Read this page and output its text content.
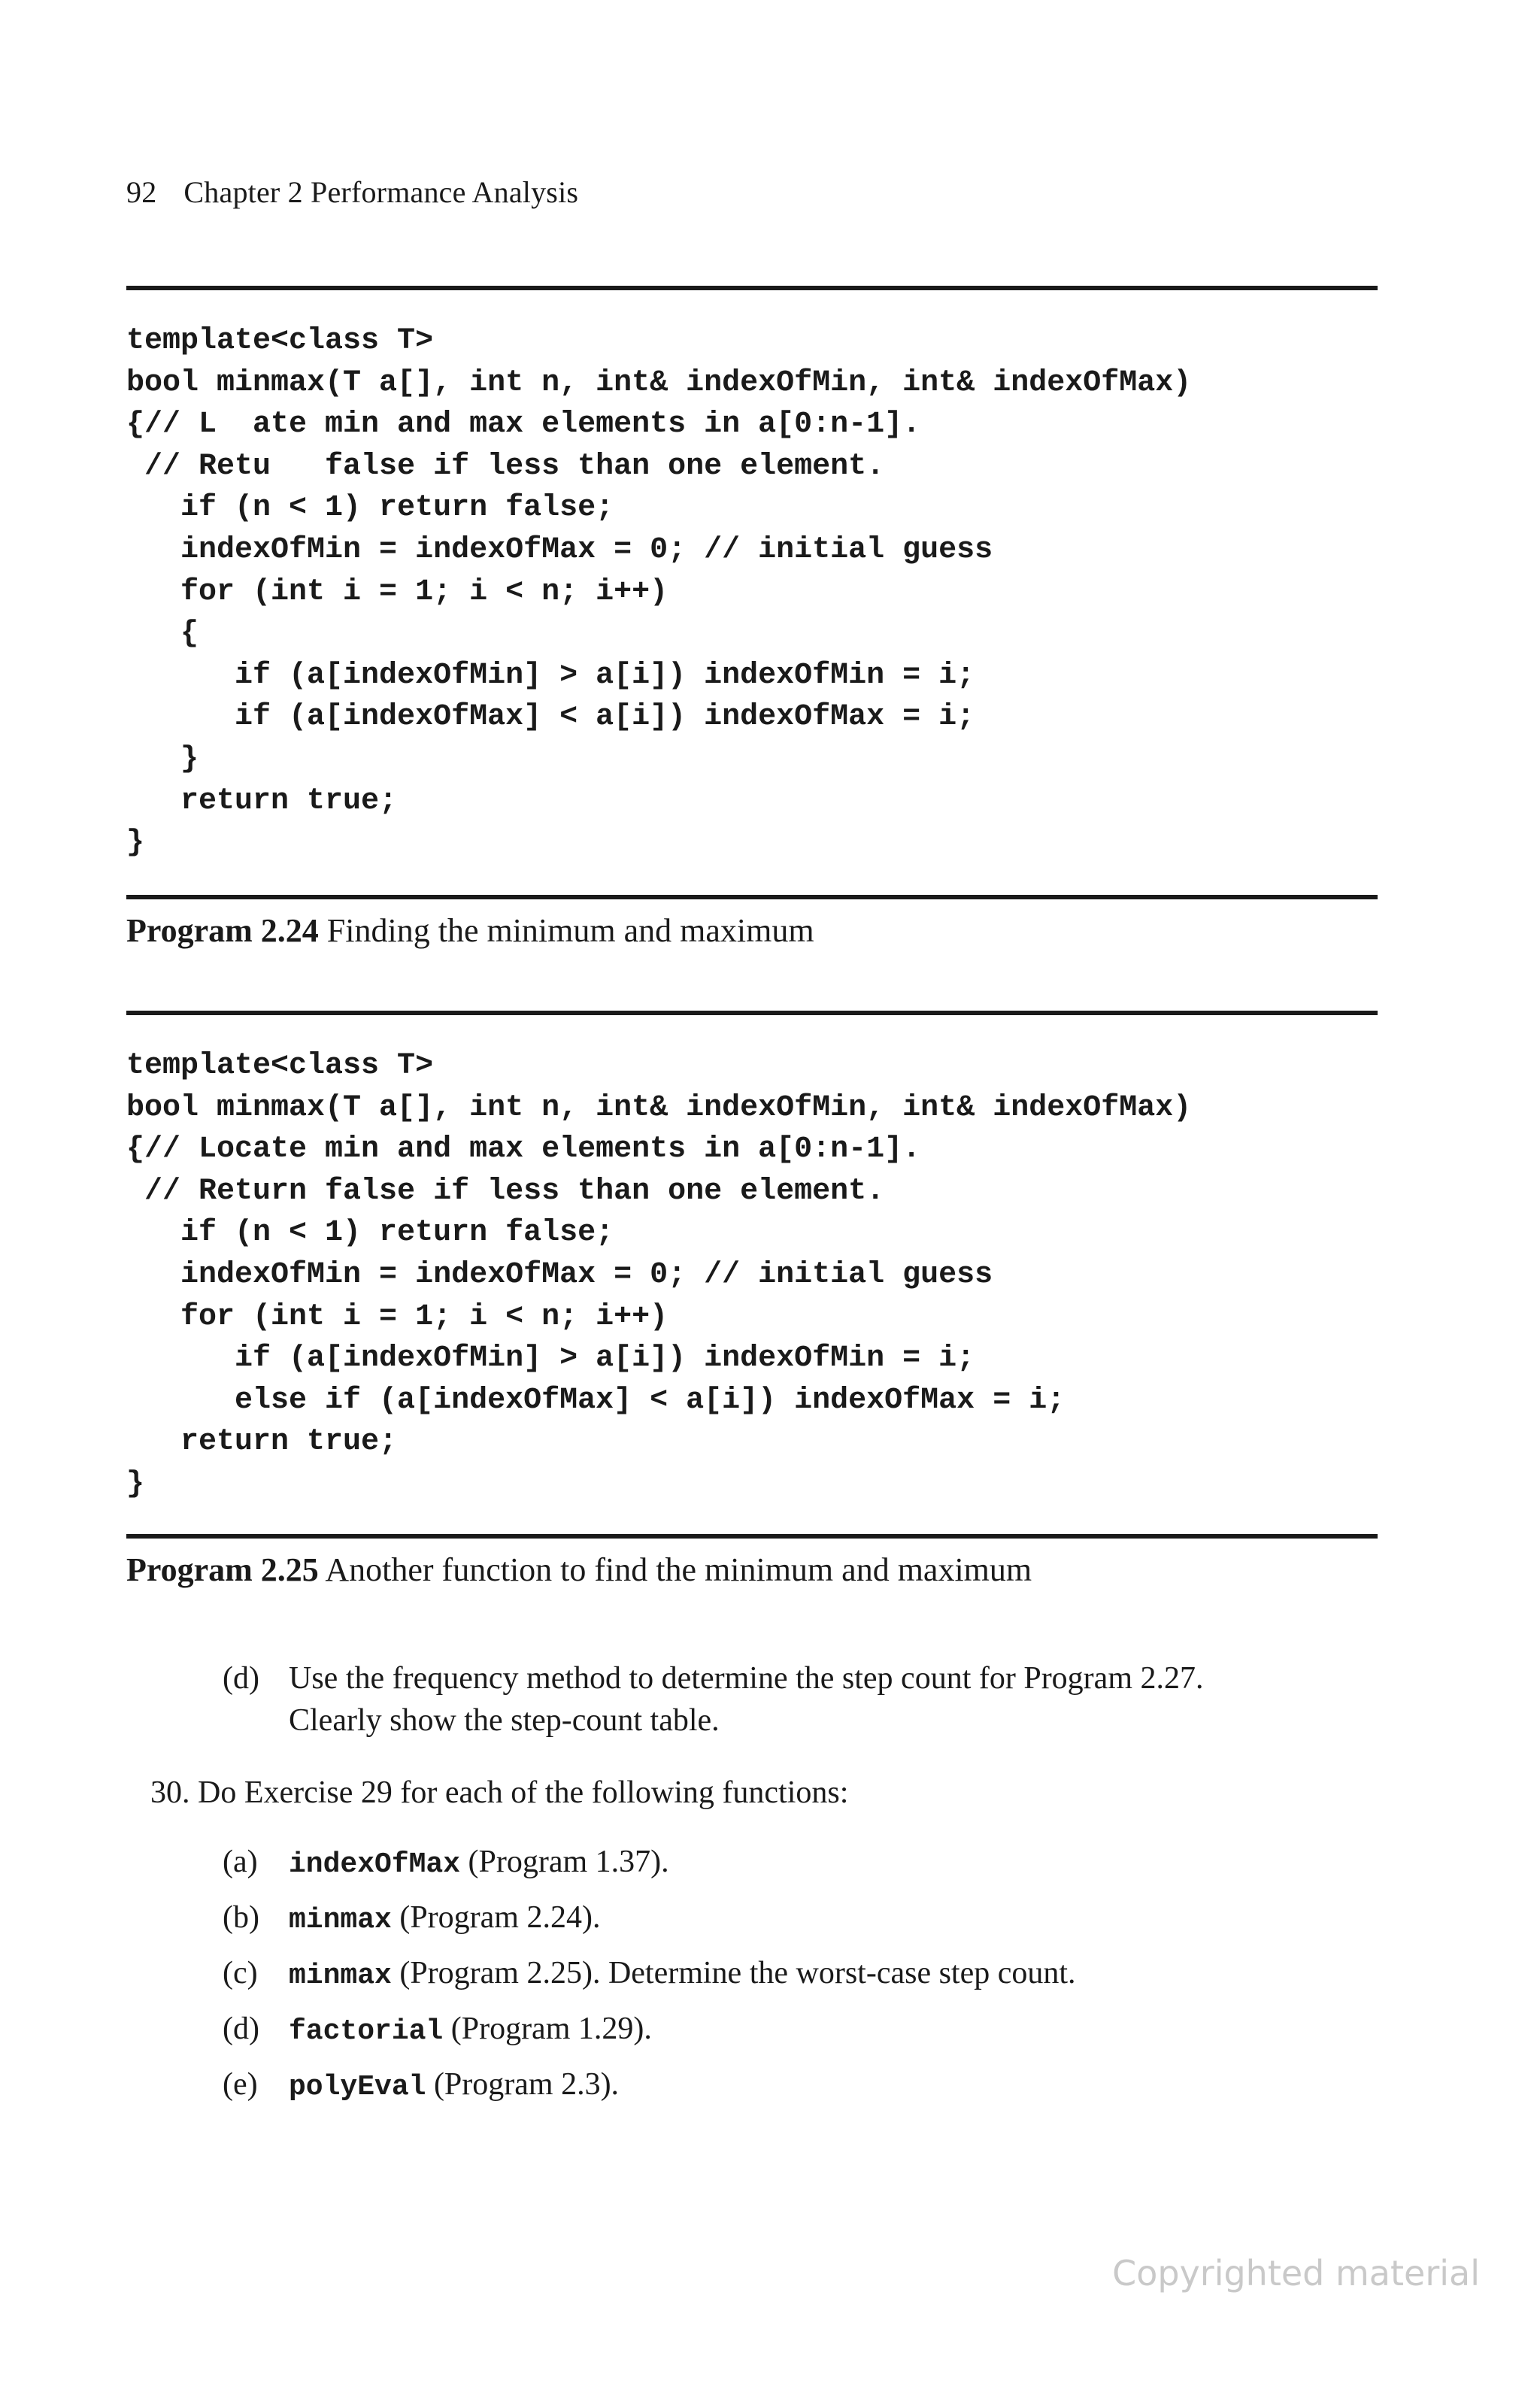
92 Chapter 2 Performance Analysis
template<class T>
bool minmax(T a[], int n, int& indexOfMin, int& indexOfMax)
{// L  ate min and max elements in a[0:n-1].
// Retu   false if less than one element.
if (n < 1) return false;
indexOfMin = indexOfMax = 0; // initial guess
for (int i = 1; i < n; i++)
{
if (a[indexOfMin] > a[i]) indexOfMin = i;
if (a[indexOfMax] < a[i]) indexOfMax = i;
}
return true;
}
Program 2.24 Finding the minimum and maximum
template<class T>
bool minmax(T a[], int n, int& indexOfMin, int& indexOfMax)
{// Locate min and max elements in a[0:n-1].
// Return false if less than one element.
if (n < 1) return false;
indexOfMin = indexOfMax = 0; // initial guess
for (int i = 1; i < n; i++)
if (a[indexOfMin] > a[i]) indexOfMin = i;
else if (a[indexOfMax] < a[i]) indexOfMax = i;
return true;
}
Program 2.25 Another function to find the minimum and maximum
(d) Use the frequency method to determine the step count for Program 2.27.
Clearly show the step-count table.
30. Do Exercise 29 for each of the following functions:
(a) indexOfMax (Program 1.37).
(b) minmax (Program 2.24).
(c) minmax (Program 2.25). Determine the worst-case step count.
(d) factorial (Program 1.29).
(e) polyEval (Program 2.3).
Copyrighted material
